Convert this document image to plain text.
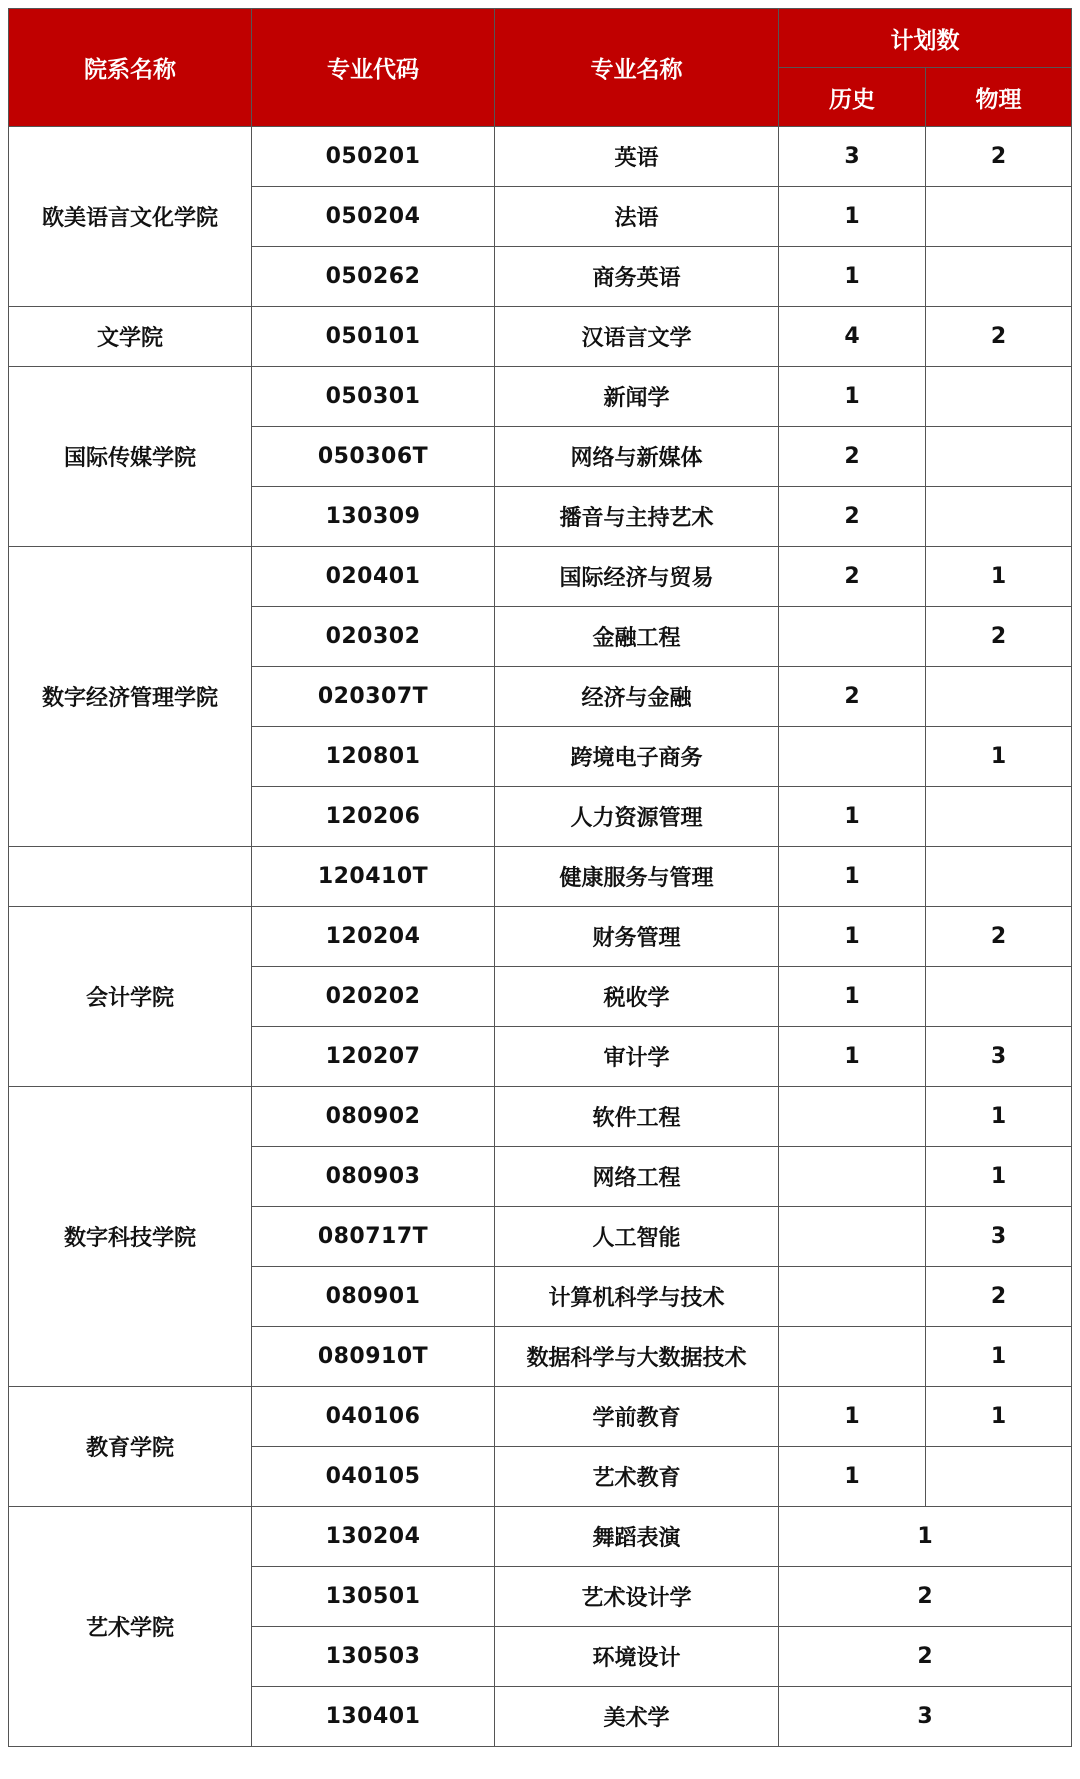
院系名称	专业代码	专业名称	计划数	
			历史	物理
欧美语言文化学院	050201	英语	3	2
	050204	法语	1	
	050262	商务英语	1	
文学院	050101	汉语言文学	4	2
国际传媒学院	050301	新闻学	1	
	050306T	网络与新媒体	2	
	130309	播音与主持艺术	2	
数字经济管理学院	020401	国际经济与贸易	2	1
	020302	金融工程		2
	020307T	经济与金融	2	
	120801	跨境电子商务		1
	120206	人力资源管理	1	
	120410T	健康服务与管理	1	
会计学院	120204	财务管理	1	2
	020202	税收学	1	
	120207	审计学	1	3
数字科技学院	080902	软件工程		1
	080903	网络工程		1
	080717T	人工智能		3
	080901	计算机科学与技术		2
	080910T	数据科学与大数据技术		1
教育学院	040106	学前教育	1	1
	040105	艺术教育	1	
艺术学院	130204	舞蹈表演	1	
	130501	艺术设计学	2	
	130503	环境设计	2	
	130401	美术学	3	
